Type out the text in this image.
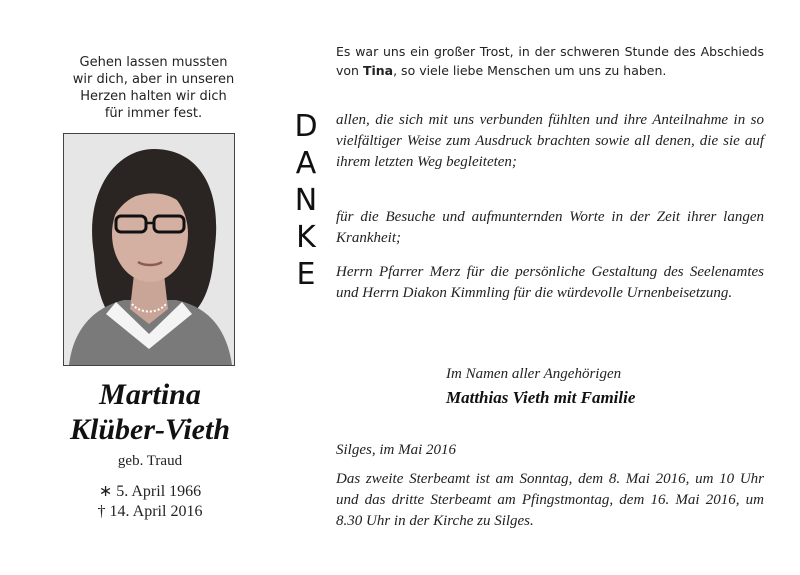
Gehen lassen mussten
wir dich, aber in unseren
Herzen halten wir dich
für immer fest.
Martina
Klüber-Vieth
geb. Traud
∗ 5. April 1966
† 14. April 2016
D
A
N
K
E
Es war uns ein großer Trost, in der schweren Stunde des Abschieds von Tina, so viele liebe Menschen um uns zu haben.
allen, die sich mit uns verbunden fühlten und ihre Anteilnahme in so vielfältiger Weise zum Ausdruck brachten sowie all denen, die sie auf ihrem letzten Weg begleiteten;
für die Besuche und aufmunternden Worte in der Zeit ihrer langen Krankheit;
Herrn Pfarrer Merz für die persönliche Gestaltung des Seelenamtes und Herrn Diakon Kimmling für die würdevolle Urnenbeisetzung.
Im Namen aller Angehörigen
Matthias Vieth mit Familie
Silges, im Mai 2016
Das zweite Sterbeamt ist am Sonntag, dem 8. Mai 2016, um 10 Uhr und das dritte Sterbeamt am Pfingstmontag, dem 16. Mai 2016, um 8.30 Uhr in der Kirche zu Silges.
